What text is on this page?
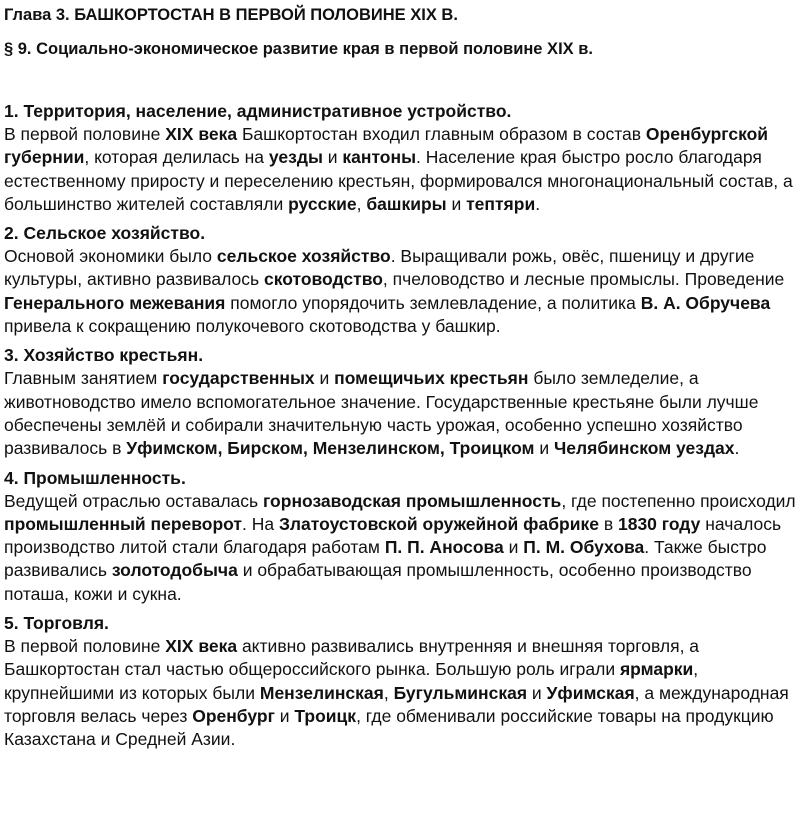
Глава 3. БАШКОРТОСТАН В ПЕРВОЙ ПОЛОВИНЕ XIX В.
§ 9. Социально-экономическое развитие края в первой половине XIX в.
1. Территория, население, административное устройство.
В первой половине XIX века Башкортостан входил главным образом в состав Оренбургской губернии, которая делилась на уезды и кантоны. Население края быстро росло благодаря естественному приросту и переселению крестьян, формировался многонациональный состав, а большинство жителей составляли русские, башкиры и тептяри.
2. Сельское хозяйство.
Основой экономики было сельское хозяйство. Выращивали рожь, овёс, пшеницу и другие культуры, активно развивалось скотоводство, пчеловодство и лесные промыслы. Проведение Генерального межевания помогло упорядочить землевладение, а политика В. А. Обручева привела к сокращению полукочевого скотоводства у башкир.
3. Хозяйство крестьян.
Главным занятием государственных и помещичьих крестьян было земледелие, а животноводство имело вспомогательное значение. Государственные крестьяне были лучше обеспечены землёй и собирали значительную часть урожая, особенно успешно хозяйство развивалось в Уфимском, Бирском, Мензелинском, Троицком и Челябинском уездах.
4. Промышленность.
Ведущей отраслью оставалась горнозаводская промышленность, где постепенно происходил промышленный переворот. На Златоустовской оружейной фабрике в 1830 году началось производство литой стали благодаря работам П. П. Аносова и П. М. Обухова. Также быстро развивались золотодобыча и обрабатывающая промышленность, особенно производство поташа, кожи и сукна.
5. Торговля.
В первой половине XIX века активно развивались внутренняя и внешняя торговля, а Башкортостан стал частью общероссийского рынка. Большую роль играли ярмарки, крупнейшими из которых были Мензелинская, Бугульминская и Уфимская, а международная торговля велась через Оренбург и Троицк, где обменивали российские товары на продукцию Казахстана и Средней Азии.
